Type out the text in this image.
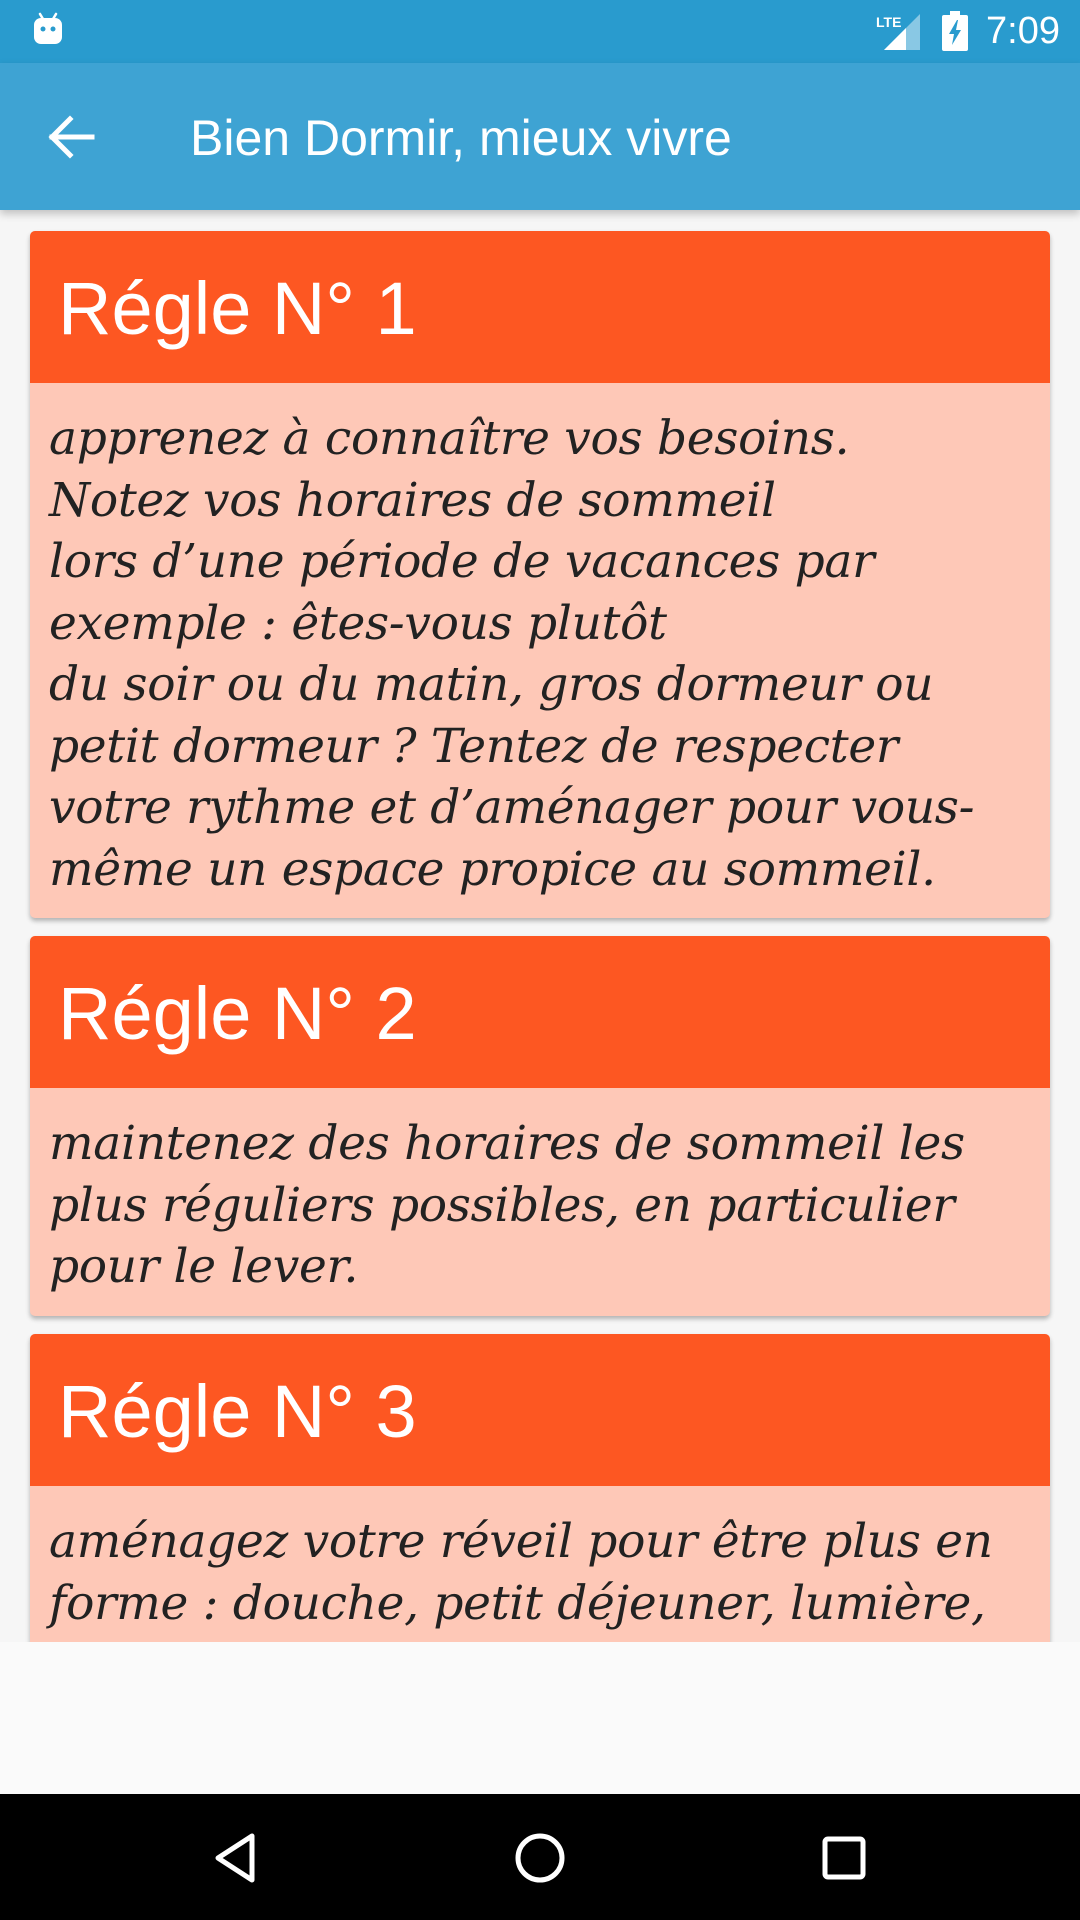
LTE 7:09
Bien Dormir, mieux vivre
Régle N° 1
apprenez à connaître vos besoins.
Notez vos horaires de sommeil
lors d’une période de vacances par
exemple : êtes-vous plutôt
du soir ou du matin, gros dormeur ou
petit dormeur ? Tentez de respecter
votre rythme et d’aménager pour vous-
même un espace propice au sommeil.
Régle N° 2
maintenez des horaires de sommeil les
plus réguliers possibles, en particulier
pour le lever.
Régle N° 3
aménagez votre réveil pour être plus en
forme : douche, petit déjeuner, lumière,
